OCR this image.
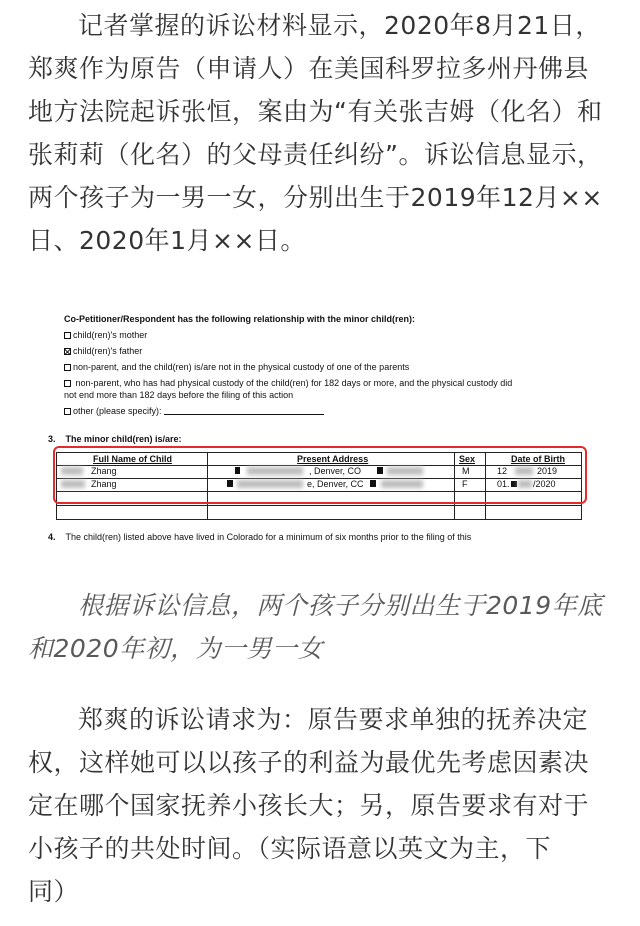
记者掌握的诉讼材料显示，2020年8月21日，
郑爽作为原告（申请人）在美国科罗拉多州丹佛县
地方法院起诉张恒，案由为“有关张吉姆（化名）和
张莉莉（化名）的父母责任纠纷”。诉讼信息显示，
两个孩子为一男一女，分别出生于2019年12月××
日、2020年1月××日。

Co-Petitioner/Respondent has the following relationship with the minor child(ren):
child(ren)'s mother
child(ren)'s father
non-parent, and the child(ren) is/are not in the physical custody of one of the parents
non-parent, who has had physical custody of the child(ren) for 182 days or more, and the physical custody did
not end more than 182 days before the filing of this action
other (please specify):
3. The minor child(ren) is/are:
Full Name of Child	Present Address	Sex	Date of Birth
Zhang	, Denver, CO	M	12	2019
Zhang	e, Denver, CC	F	01.	/2020
4. The child(ren) listed above have lived in Colorado for a minimum of six months prior to the filing of this

根据诉讼信息，两个孩子分别出生于2019年底
和2020年初，为一男一女

郑爽的诉讼请求为：原告要求单独的抚养决定
权，这样她可以以孩子的利益为最优先考虑因素决
定在哪个国家抚养小孩长大；另，原告要求有对于
小孩子的共处时间。（实际语意以英文为主，下
同）
